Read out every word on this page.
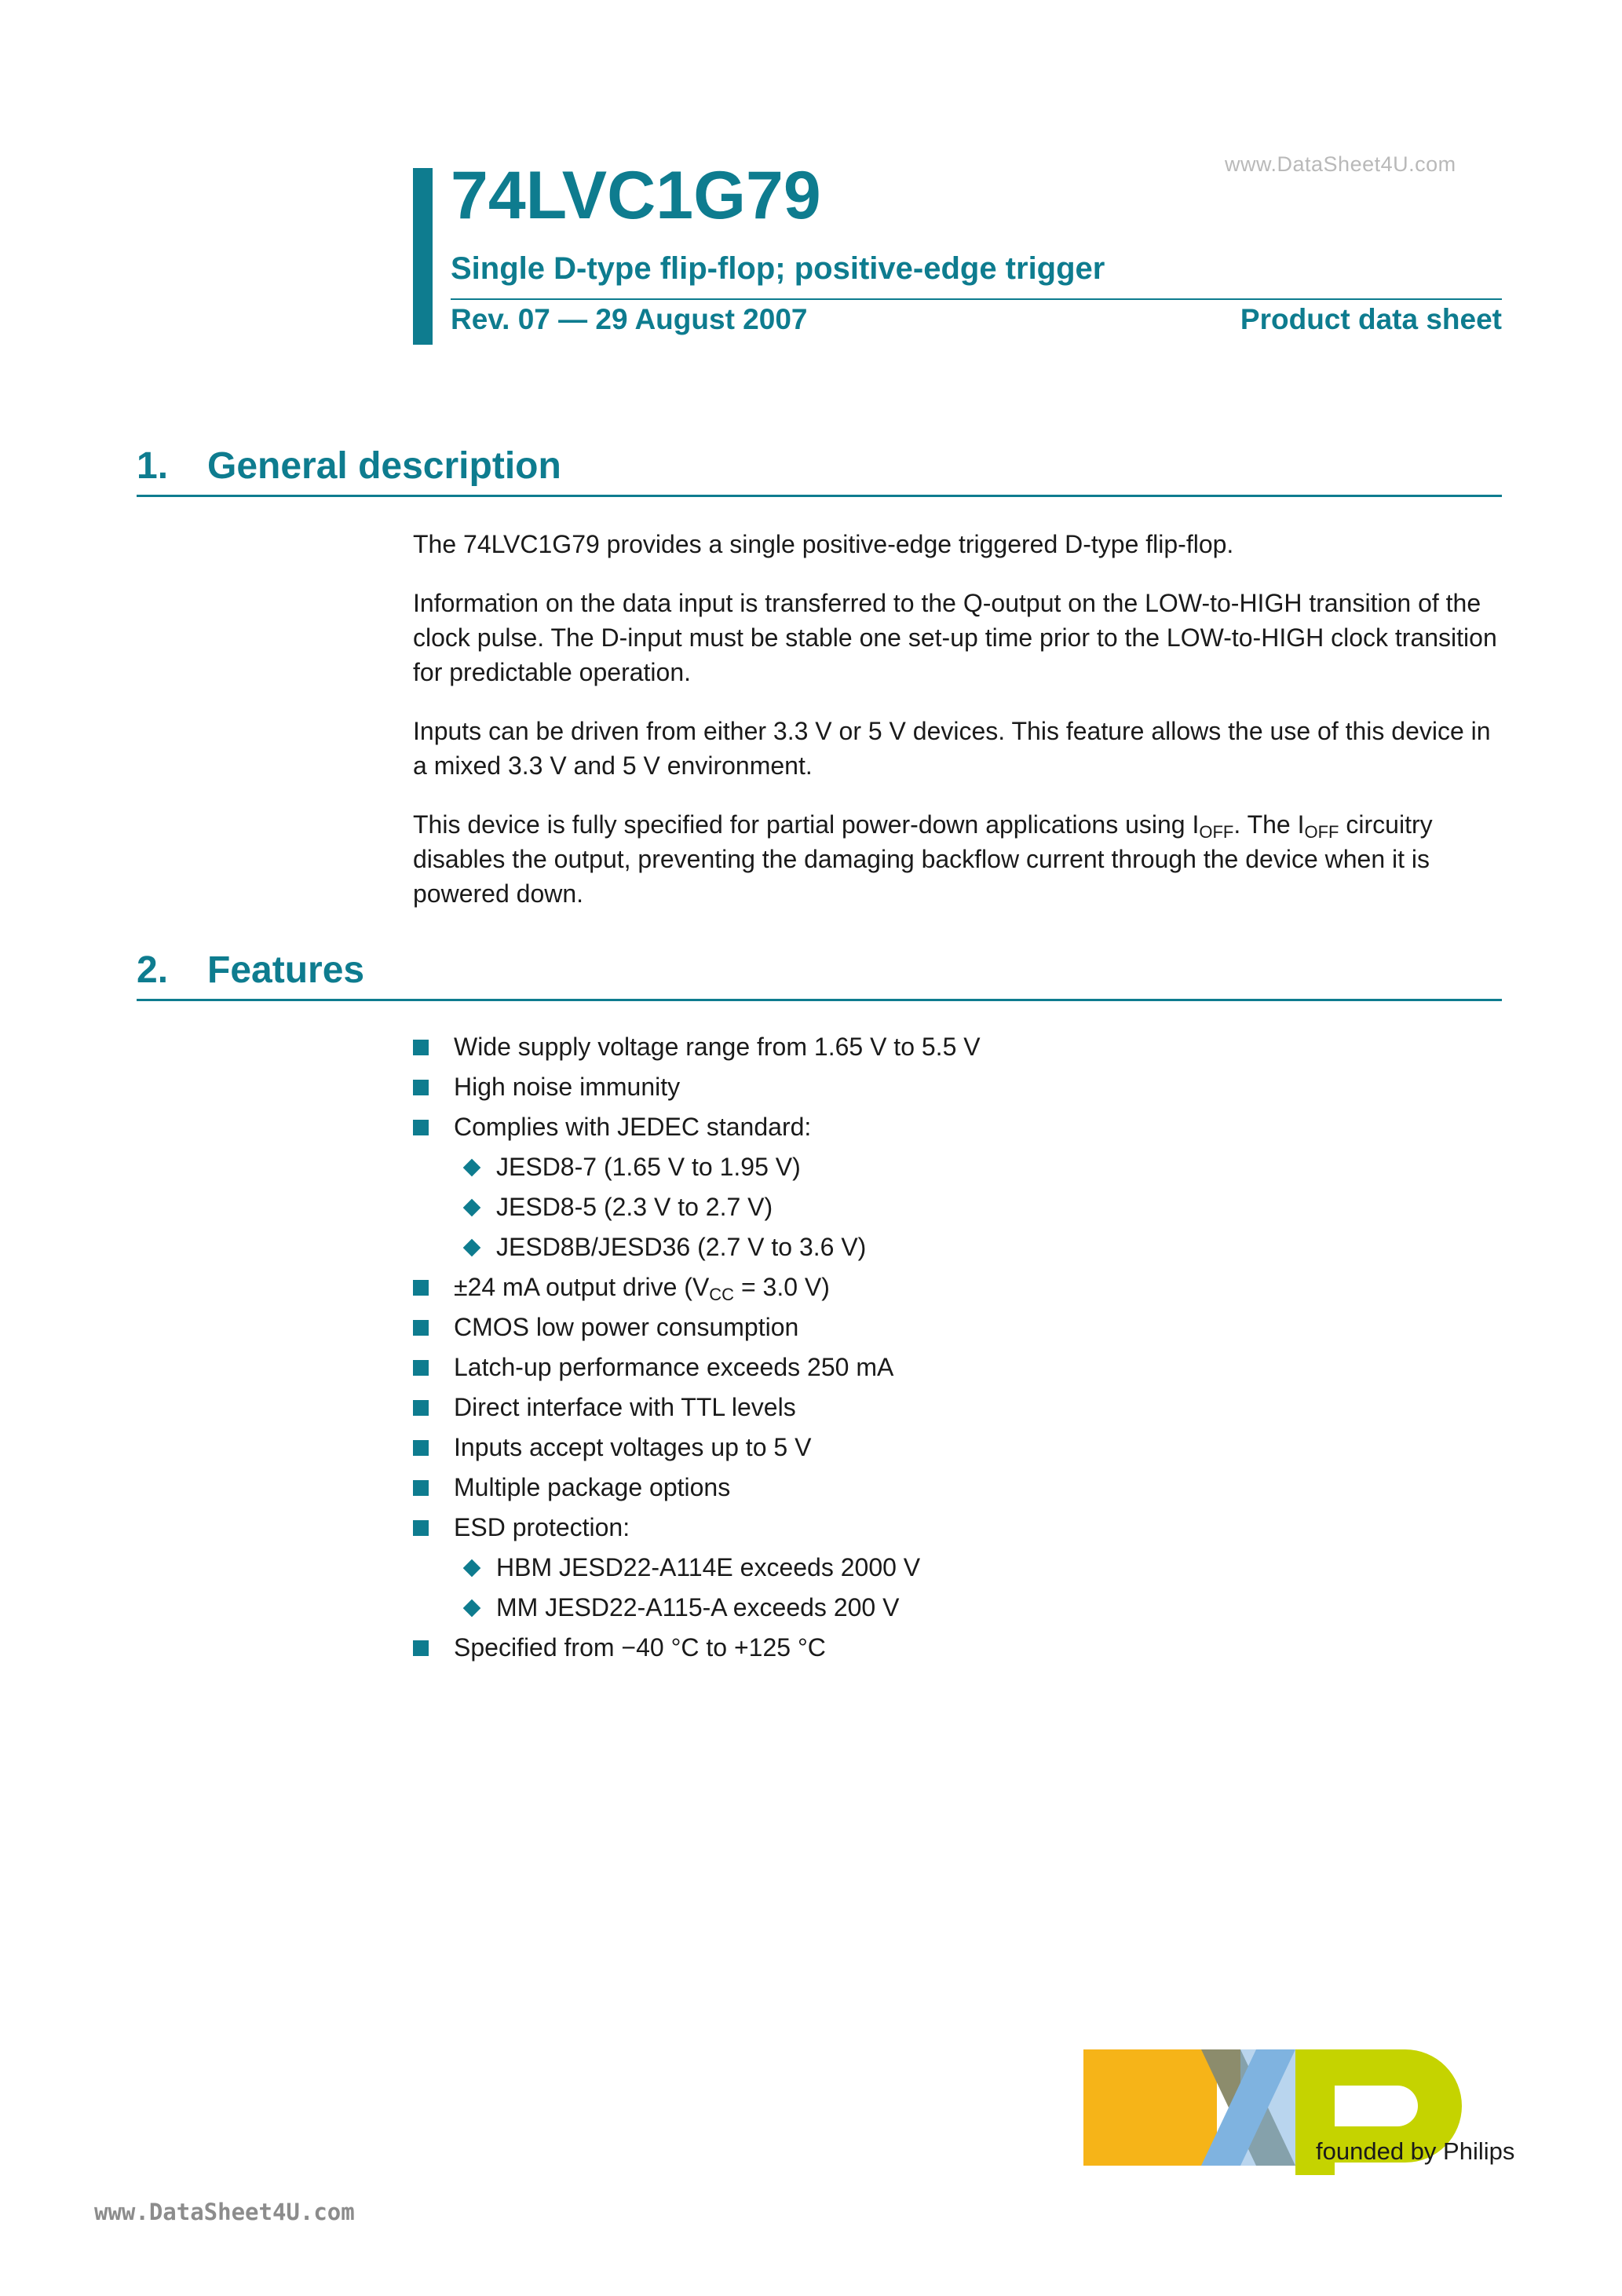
www.DataSheet4U.com
74LVC1G79
Single D-type flip-flop; positive-edge trigger
Rev. 07 — 29 August 2007	Product data sheet
1. General description

The 74LVC1G79 provides a single positive-edge triggered D-type flip-flop.

Information on the data input is transferred to the Q-output on the LOW-to-HIGH transition of the clock pulse. The D-input must be stable one set-up time prior to the LOW-to-HIGH clock transition for predictable operation.

Inputs can be driven from either 3.3 V or 5 V devices. This feature allows the use of this device in a mixed 3.3 V and 5 V environment.

This device is fully specified for partial power-down applications using $I_{OFF}$. The $I_{OFF}$ circuitry disables the output, preventing the damaging backflow current through the device when it is powered down.

2. Features
Wide supply voltage range from 1.65 V to 5.5 V
High noise immunity
Complies with JEDEC standard:
JESD8-7 (1.65 V to 1.95 V)
JESD8-5 (2.3 V to 2.7 V)
JESD8B/JESD36 (2.7 V to 3.6 V)
±24 mA output drive ($V_{CC} = 3.0$ V)
CMOS low power consumption
Latch-up performance exceeds 250 mA
Direct interface with TTL levels
Inputs accept voltages up to 5 V
Multiple package options
ESD protection:
HBM JESD22-A114E exceeds 2000 V
MM JESD22-A115-A exceeds 200 V
Specified from −40 °C to +125 °C
founded by Philips
www.DataSheet4U.com
